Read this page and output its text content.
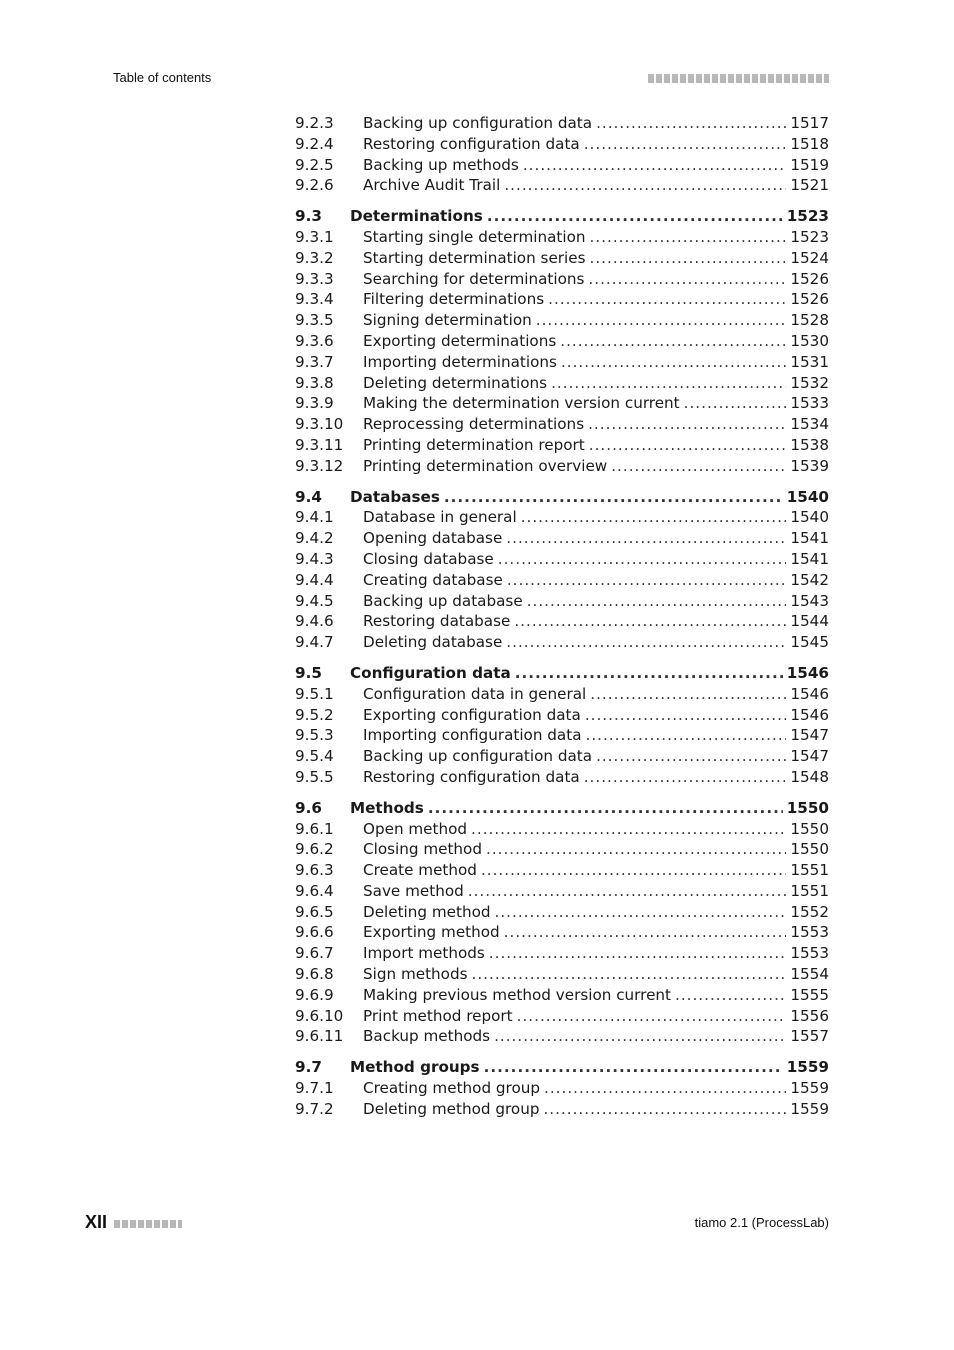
Table of contents
9.2.3	Backing up configuration data .....	1517
9.2.4	Restoring configuration data .....	1518
9.2.5	Backing up methods .....	1519
9.2.6	Archive Audit Trail .....	1521
9.3	Determinations .....	1523
9.3.1	Starting single determination .....	1523
9.3.2	Starting determination series .....	1524
9.3.3	Searching for determinations .....	1526
9.3.4	Filtering determinations .....	1526
9.3.5	Signing determination .....	1528
9.3.6	Exporting determinations .....	1530
9.3.7	Importing determinations .....	1531
9.3.8	Deleting determinations .....	1532
9.3.9	Making the determination version current .....	1533
9.3.10	Reprocessing determinations .....	1534
9.3.11	Printing determination report .....	1538
9.3.12	Printing determination overview .....	1539
9.4	Databases .....	1540
9.4.1	Database in general .....	1540
9.4.2	Opening database .....	1541
9.4.3	Closing database .....	1541
9.4.4	Creating database .....	1542
9.4.5	Backing up database .....	1543
9.4.6	Restoring database .....	1544
9.4.7	Deleting database .....	1545
9.5	Configuration data .....	1546
9.5.1	Configuration data in general .....	1546
9.5.2	Exporting configuration data .....	1546
9.5.3	Importing configuration data .....	1547
9.5.4	Backing up configuration data .....	1547
9.5.5	Restoring configuration data .....	1548
9.6	Methods .....	1550
9.6.1	Open method .....	1550
9.6.2	Closing method .....	1550
9.6.3	Create method .....	1551
9.6.4	Save method .....	1551
9.6.5	Deleting method .....	1552
9.6.6	Exporting method .....	1553
9.6.7	Import methods .....	1553
9.6.8	Sign methods .....	1554
9.6.9	Making previous method version current .....	1555
9.6.10	Print method report .....	1556
9.6.11	Backup methods .....	1557
9.7	Method groups .....	1559
9.7.1	Creating method group .....	1559
9.7.2	Deleting method group .....	1559
XII	tiamo 2.1 (ProcessLab)
